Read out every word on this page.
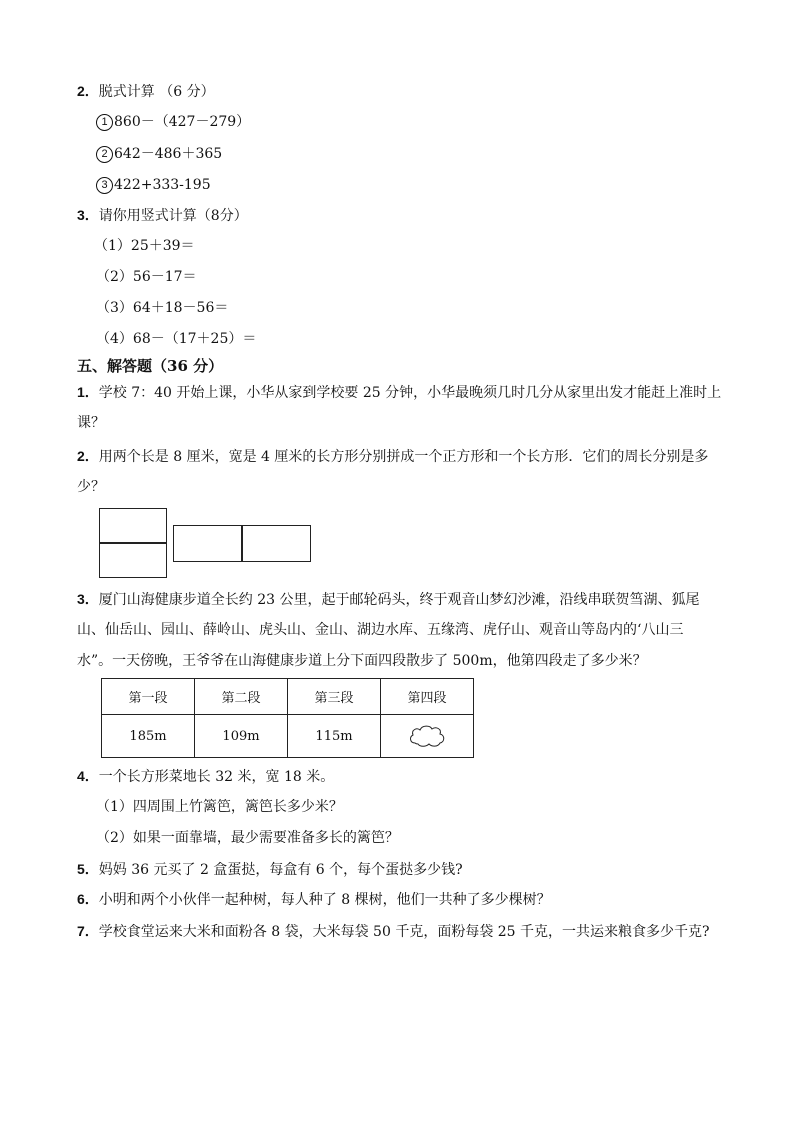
2．脱式计算 （6 分）
1 860－（427－279）
2 642－486＋365
3 422+333-195
3．请你用竖式计算（8分）
（1）25＋39＝
（2）56－17＝
（3）64＋18－56＝
（4）68－（17＋25）＝
五、解答题（36 分）
1．学校 7：40 开始上课，小华从家到学校要 25 分钟，小华最晚须几时几分从家里出发才能赶上准时上
课？
2．用两个长是 8 厘米，宽是 4 厘米的长方形分别拼成一个正方形和一个长方形．它们的周长分别是多
少？
3．厦门山海健康步道全长约 23 公里，起于邮轮码头，终于观音山梦幻沙滩，沿线串联贺筜湖、狐尾
山、仙岳山、园山、薛岭山、虎头山、金山、湖边水库、五缘湾、虎仔山、观音山等岛内的‘八山三
水”。一天傍晚，王爷爷在山海健康步道上分下面四段散步了 500m，他第四段走了多少米？
第一段	第二段	第三段	第四段
185m	109m	115m	
4．一个长方形菜地长 32 米，宽 18 米。
（1）四周围上竹篱笆，篱笆长多少米？
（2）如果一面靠墙，最少需要准备多长的篱笆？
5．妈妈 36 元买了 2 盒蛋挞，每盒有 6 个，每个蛋挞多少钱?
6．小明和两个小伙伴一起种树，每人种了 8 棵树，他们一共种了多少棵树？
7．学校食堂运来大米和面粉各 8 袋，大米每袋 50 千克，面粉每袋 25 千克，一共运来粮食多少千克?
